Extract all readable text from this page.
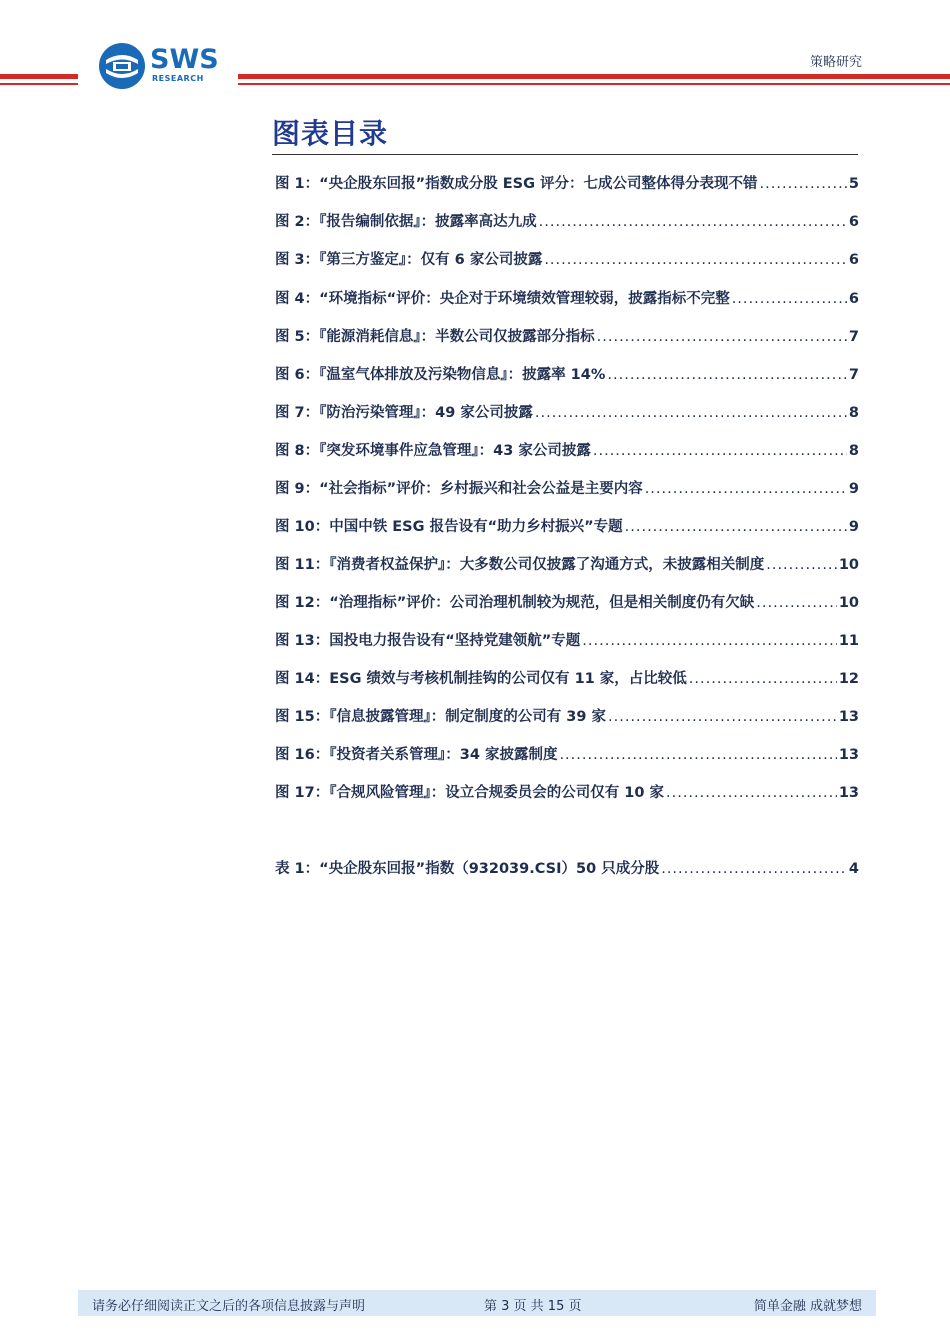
SWS
RESEARCH
策略研究
图表目录
图 1：“央企股东回报”指数成分股 ESG 评分：七成公司整体得分表现不错 .....	5
图 2：『报告编制依据』：披露率高达九成 .....	6
图 3：『第三方鉴定』：仅有 6 家公司披露 .....	6
图 4：“环境指标“评价：央企对于环境绩效管理较弱，披露指标不完整 .....	6
图 5：『能源消耗信息』：半数公司仅披露部分指标 .....	7
图 6：『温室气体排放及污染物信息』：披露率 14% .....	7
图 7：『防治污染管理』：49 家公司披露 .....	8
图 8：『突发环境事件应急管理』：43 家公司披露 .....	8
图 9：“社会指标”评价：乡村振兴和社会公益是主要内容 .....	9
图 10：中国中铁 ESG 报告设有“助力乡村振兴”专题 .....	9
图 11：『消费者权益保护』：大多数公司仅披露了沟通方式，未披露相关制度 .....	10
图 12：“治理指标”评价：公司治理机制较为规范，但是相关制度仍有欠缺 .....	10
图 13：国投电力报告设有“坚持党建领航”专题 .....	11
图 14：ESG 绩效与考核机制挂钩的公司仅有 11 家，占比较低 .....	12
图 15：『信息披露管理』：制定制度的公司有 39 家 .....	13
图 16：『投资者关系管理』：34 家披露制度 .....	13
图 17：『合规风险管理』：设立合规委员会的公司仅有 10 家 .....	13
表 1：“央企股东回报”指数（932039.CSI）50 只成分股 .....	4
请务必仔细阅读正文之后的各项信息披露与声明	第 3 页 共 15 页	简单金融 成就梦想
